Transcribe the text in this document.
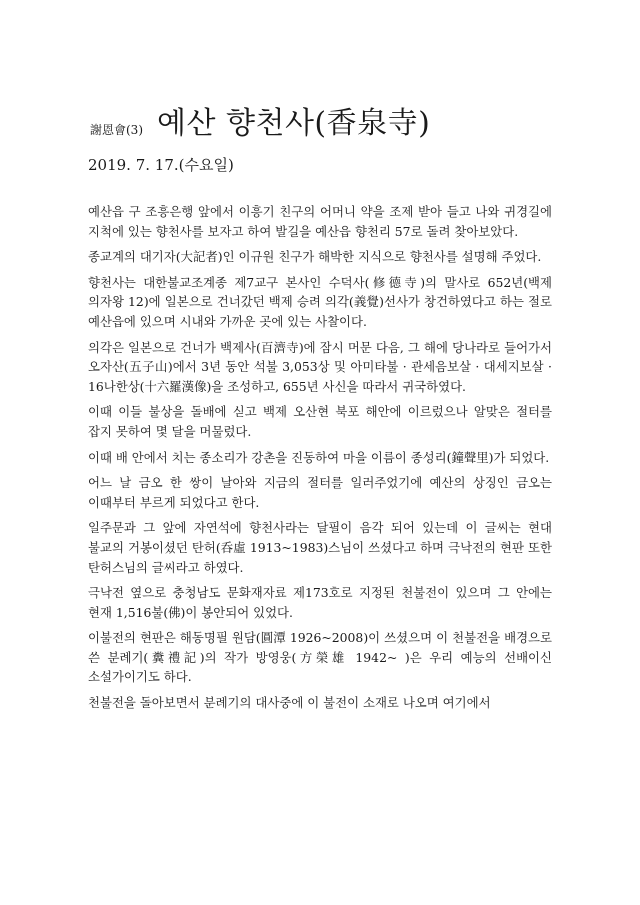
謝恩會(3) 예산 향천사(香泉寺)
2019. 7. 17.(수요일)

예산읍 구 조흥은행 앞에서 이흥기 친구의 어머니 약을 조제 받아 들고 나와 귀경길에 지척에 있는 향천사를 보자고 하여 발길을 예산읍 향천리 57로 돌려 찾아보았다.

종교계의 대기자(大記者)인 이규원 친구가 해박한 지식으로 향천사를 설명해 주었다.

향천사는 대한불교조계종 제7교구 본사인 수덕사(修德寺)의 말사로 652년(백제 의자왕 12)에 일본으로 건너갔던 백제 승려 의각(義覺)선사가 창건하였다고 하는 절로 예산읍에 있으며 시내와 가까운 곳에 있는 사찰이다.

의각은 일본으로 건너가 백제사(百濟寺)에 잠시 머문 다음, 그 해에 당나라로 들어가서 오자산(五子山)에서 3년 동안 석불 3,053상 및 아미타불 · 관세음보살 · 대세지보살 · 16나한상(十六羅漢像)을 조성하고, 655년 사신을 따라서 귀국하였다.

이때 이들 불상을 돌배에 싣고 백제 오산현 북포 해안에 이르렀으나 알맞은 절터를 잡지 못하여 몇 달을 머물렀다.

이때 배 안에서 치는 종소리가 강촌을 진동하여 마을 이름이 종성리(鐘聲里)가 되었다.

어느 날 금오 한 쌍이 날아와 지금의 절터를 일러주었기에 예산의 상징인 금오는 이때부터 부르게 되었다고 한다.

일주문과 그 앞에 자연석에 향천사라는 달필이 음각 되어 있는데 이 글씨는 현대 불교의 거봉이셨던 탄허(呑虛 1913~1983)스님이 쓰셨다고 하며 극낙전의 현판 또한 탄허스님의 글씨라고 하였다.

극낙전 옆으로 충청남도 문화재자료 제173호로 지정된 천불전이 있으며 그 안에는 현재 1,516불(佛)이 봉안되어 있었다.

이불전의 현판은 해동명필 원담(圓潭 1926~2008)이 쓰셨으며 이 천불전을 배경으로 쓴 분례기(糞禮記)의 작가 방영웅(方榮雄 1942~ )은 우리 예능의 선배이신 소설가이기도 하다.

천불전을 돌아보면서 분례기의 대사중에 이 불전이 소재로 나오며 여기에서
